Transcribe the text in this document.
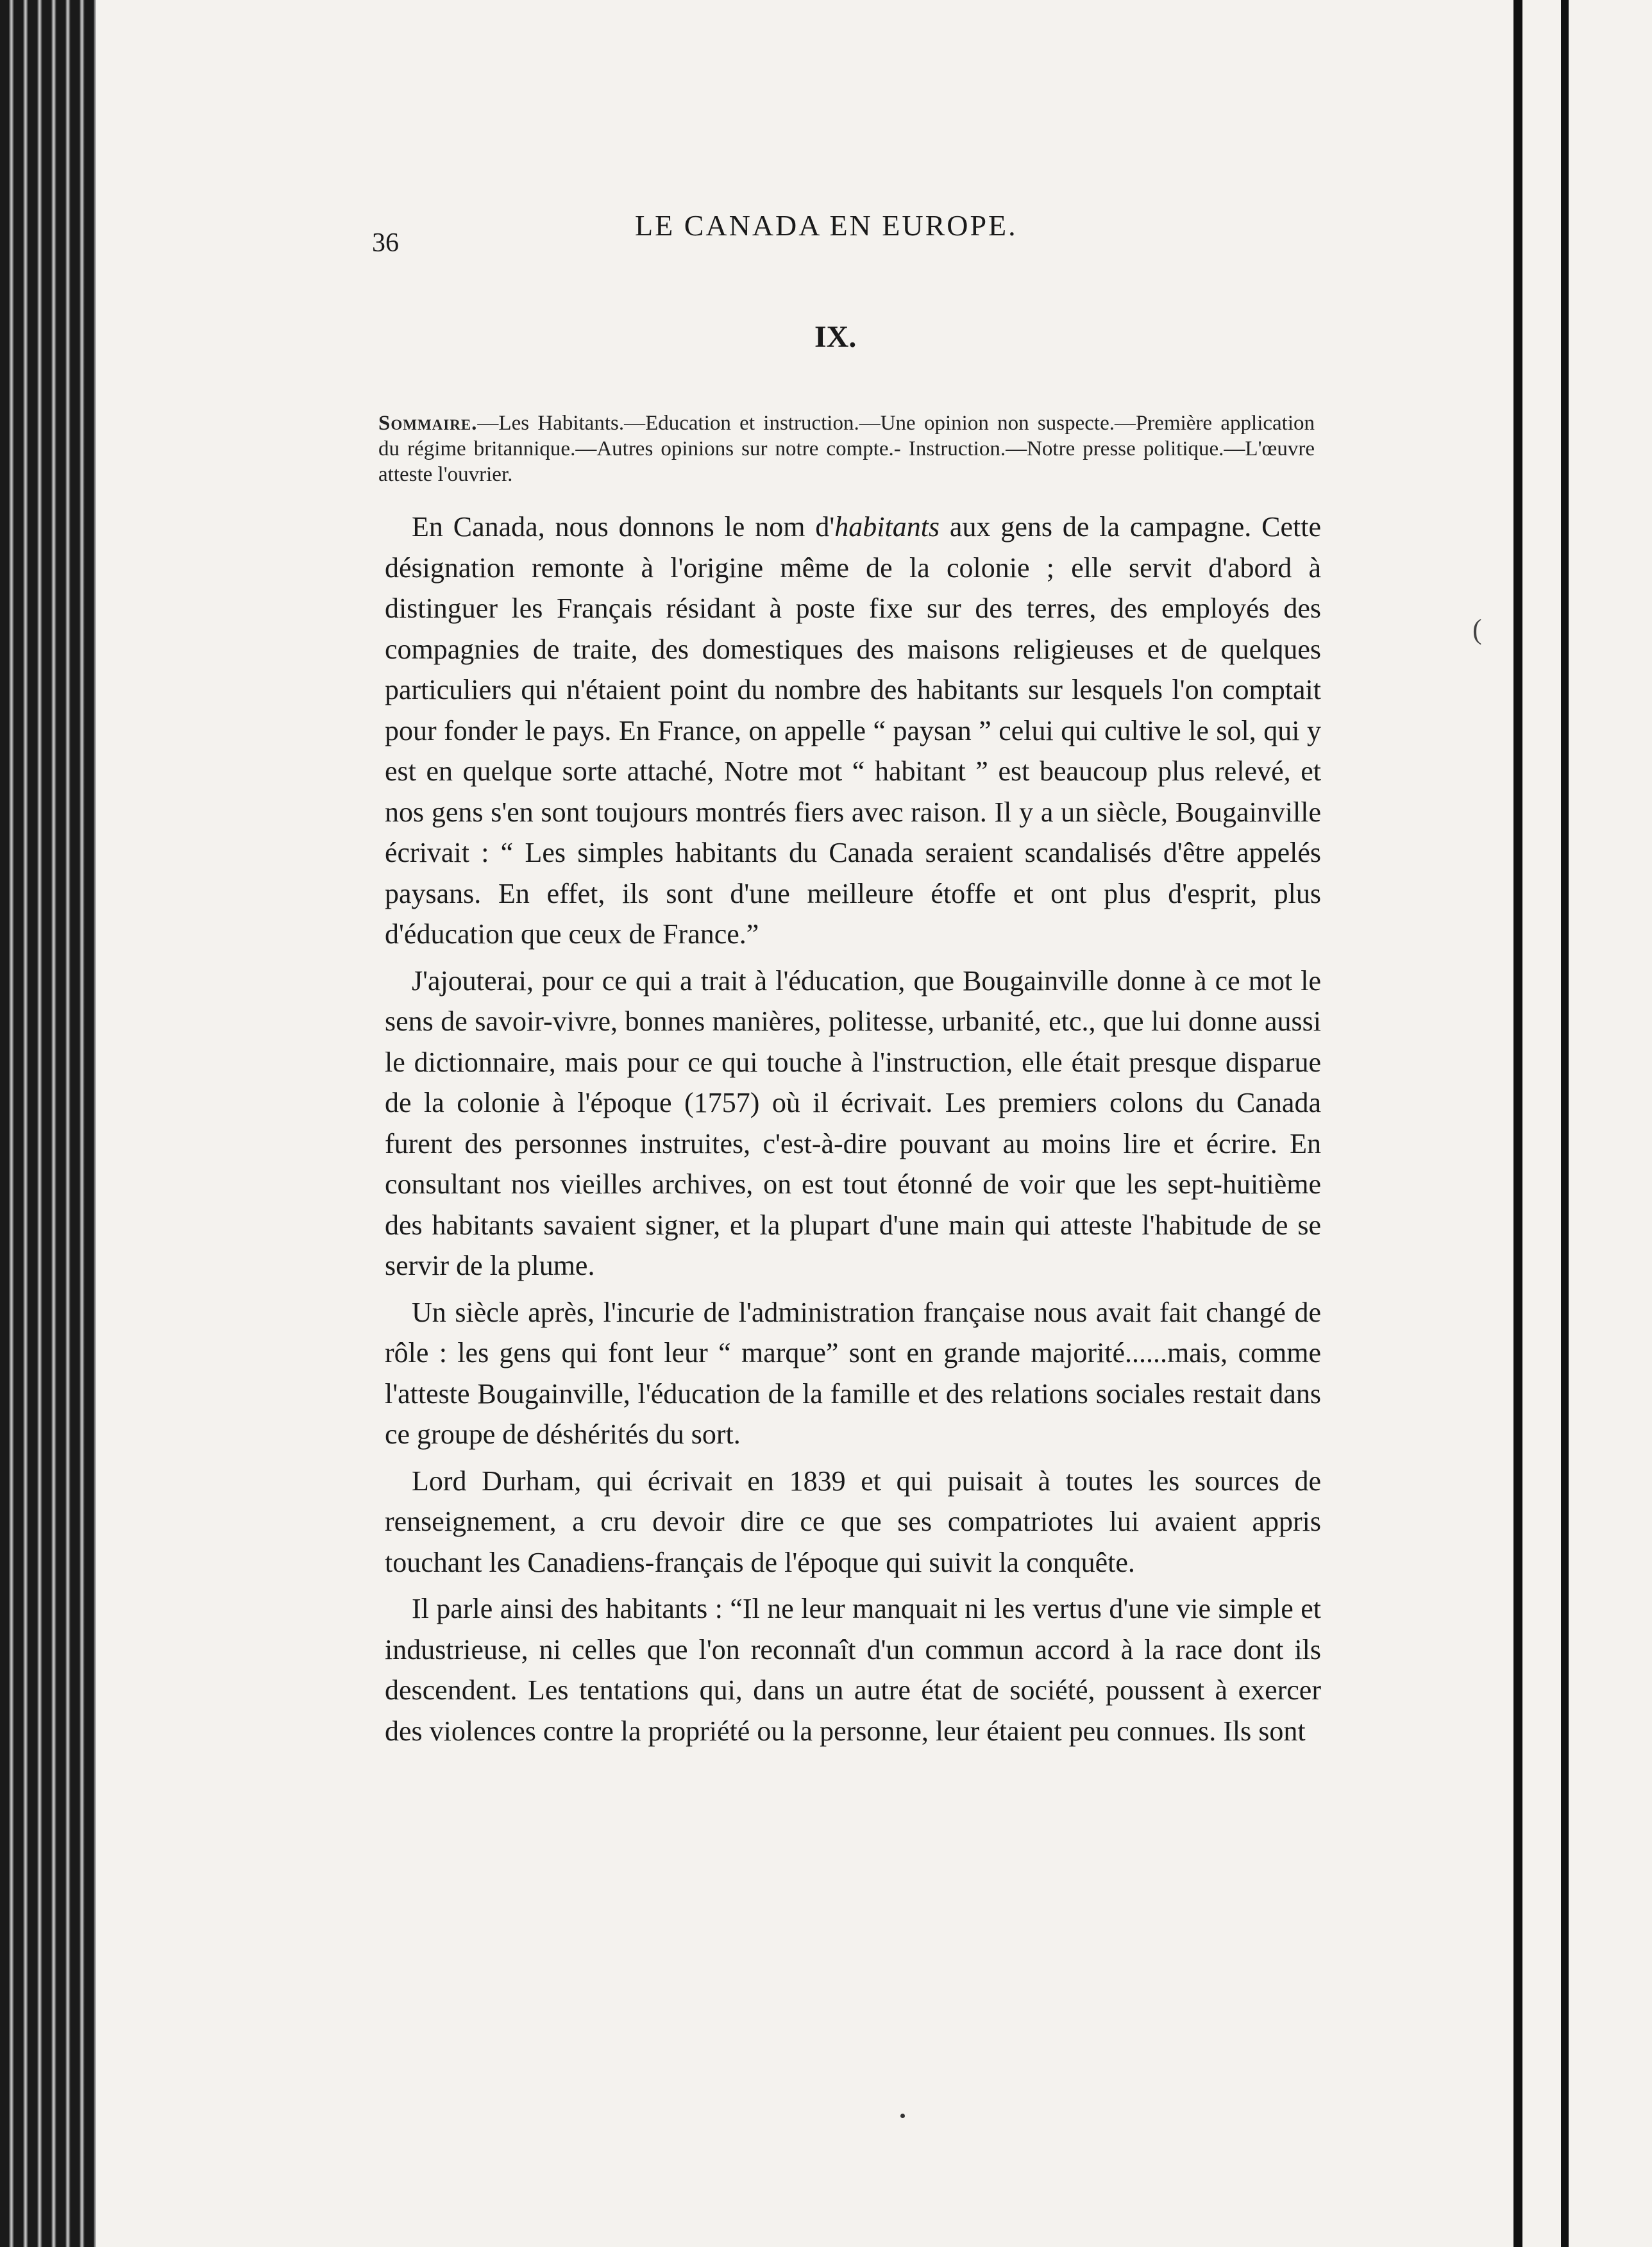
36
LE CANADA EN EUROPE.
IX.
Sommaire.—Les Habitants.—Education et instruction.—Une opinion non suspecte.—Première application du régime britannique.—Autres opinions sur notre compte.- Instruction.—Notre presse politique.—L'œuvre atteste l'ouvrier.

En Canada, nous donnons le nom d'habitants aux gens de la campagne. Cette désignation remonte à l'origine même de la colonie ; elle servit d'abord à distinguer les Français résidant à poste fixe sur des terres, des employés des compagnies de traite, des domestiques des maisons religieuses et de quelques particuliers qui n'étaient point du nombre des habitants sur lesquels l'on comptait pour fonder le pays. En France, on appelle “ paysan ” celui qui cultive le sol, qui y est en quelque sorte attaché, Notre mot “ habitant ” est beaucoup plus relevé, et nos gens s'en sont toujours montrés fiers avec raison. Il y a un siècle, Bougainville écrivait : “ Les simples habitants du Canada seraient scandalisés d'être appelés paysans. En effet, ils sont d'une meilleure étoffe et ont plus d'esprit, plus d'éducation que ceux de France.”

J'ajouterai, pour ce qui a trait à l'éducation, que Bougainville donne à ce mot le sens de savoir-vivre, bonnes manières, politesse, urbanité, etc., que lui donne aussi le dictionnaire, mais pour ce qui touche à l'instruction, elle était presque disparue de la colonie à l'époque (1757) où il écrivait. Les premiers colons du Canada furent des personnes instruites, c'est-à-dire pouvant au moins lire et écrire. En consultant nos vieilles archives, on est tout étonné de voir que les sept-huitième des habitants savaient signer, et la plupart d'une main qui atteste l'habitude de se servir de la plume.

Un siècle après, l'incurie de l'administration française nous avait fait changé de rôle : les gens qui font leur “ marque” sont en grande majorité......mais, comme l'atteste Bougainville, l'éducation de la famille et des relations sociales restait dans ce groupe de déshérités du sort.

Lord Durham, qui écrivait en 1839 et qui puisait à toutes les sources de renseignement, a cru devoir dire ce que ses compatriotes lui avaient appris touchant les Canadiens-français de l'époque qui suivit la conquête.

Il parle ainsi des habitants : “Il ne leur manquait ni les vertus d'une vie simple et industrieuse, ni celles que l'on reconnaît d'un commun accord à la race dont ils descendent. Les tentations qui, dans un autre état de société, poussent à exercer des violences contre la propriété ou la personne, leur étaient peu connues. Ils sont

(
